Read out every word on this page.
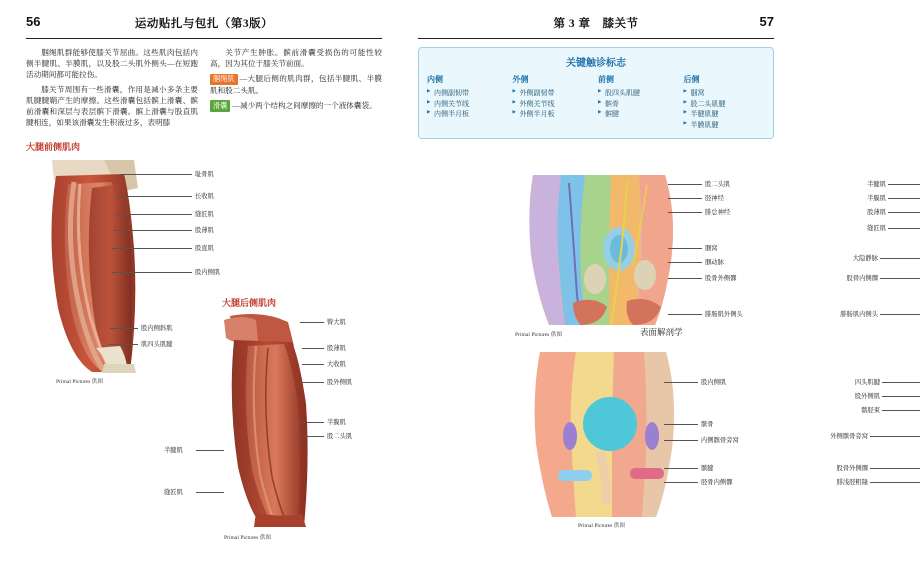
56	运动贴扎与包扎（第3版）

腘绳肌群能够使膝关节屈曲。这些肌肉包括内侧半腱肌、半膜肌，以及股二头肌外侧头—在短跑活动期间都可能拉伤。

膝关节周围有一些滑囊，作用是减小多条主要肌腱腱鞘产生的摩擦。这些滑囊包括髌上滑囊、髌前滑囊和深层与表层髌下滑囊。髌上滑囊与股直肌腱相连，如果该滑囊发生积液过多，表明膝

关节产生肿胀。髌前滑囊受损伤的可能性较高，因为其位于膝关节前面。

腘绳肌 —大腿后侧的肌肉群，包括半腱肌、半膜肌和股二头肌。
滑囊 —减少两个结构之间摩擦的一个液体囊袋。
大腿前侧肌肉
耻骨肌
长收肌
缝匠肌
股薄肌
股直肌
股内侧肌
股内侧斜肌
肌四头肌腱
Primal Pictures 供图
大腿后侧肌肉
臀大肌
股薄肌
大收肌
股外侧肌
半膜肌
股二头肌
半腱肌
缝匠肌
Primal Pictures 供图
57
第 3 章　膝关节
关键触诊标志
内侧
▶ 内侧副韧带
▶ 内侧关节线
▶ 内侧半月板
外侧
▶ 外侧副韧带
▶ 外侧关节线
▶ 外侧半月板
前侧
▶ 股四头肌腱
▶ 髌骨
▶ 髌腱
后侧
▶ 腘窝
▶ 股二头肌腱
▶ 半腱肌腱
▶ 半膜肌腱
半腱肌
半膜肌
股薄肌
缝匠肌
大隐静脉
股骨内侧髁
腓肠肌内侧头
股二头肌
胫神经
腓总神经
腘窝
腘动脉
股骨外侧髁
腓肠肌外侧头
Primal Pictures 供图	表面解剖学
四头肌腱
股外侧肌
髂胫束
外侧髌骨旁窝
股骨外侧髁
腓浅胫粗隆
股内侧肌
髌骨
内侧髌骨旁窝
髌腱
胫骨内侧髁
Primal Pictures 供图
